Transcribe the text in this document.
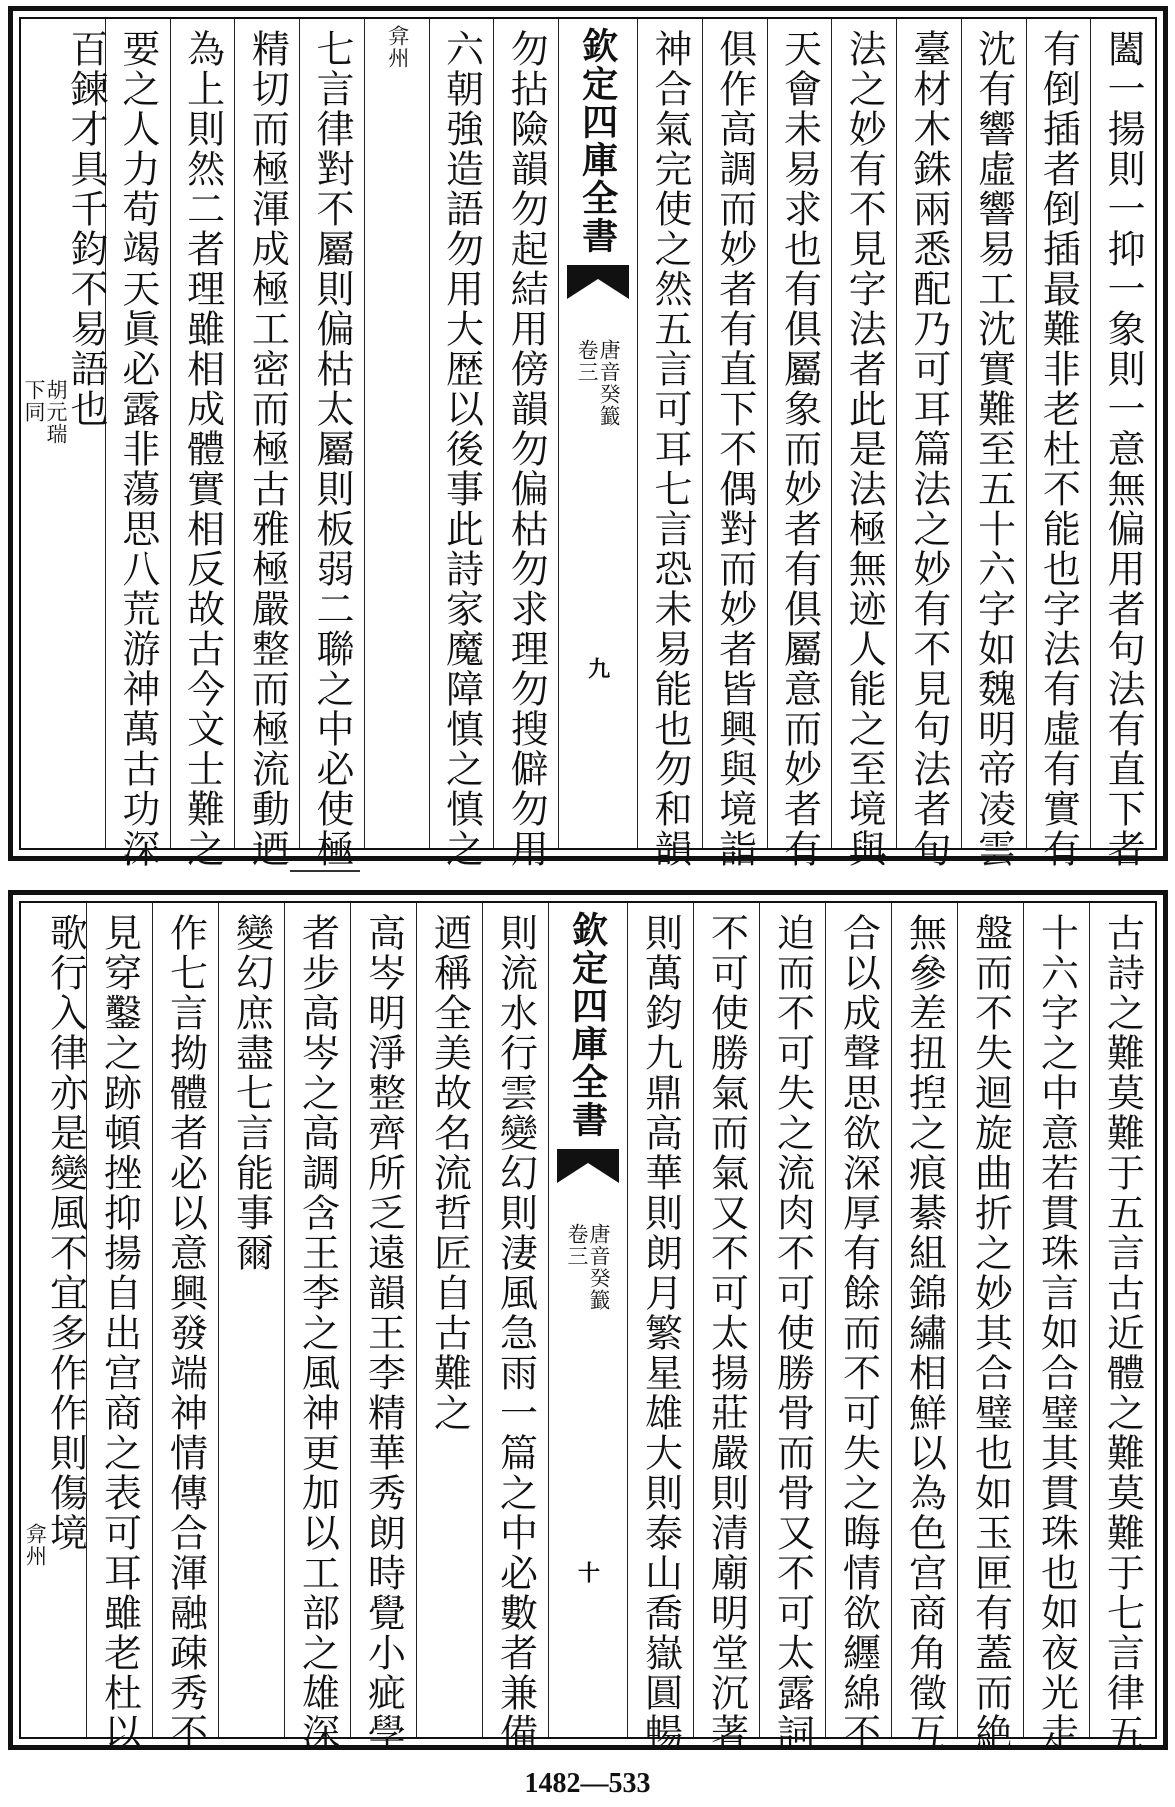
闔一揚則一抑一象則一意無偏用者句法有直下者
有倒插者倒插最難非老杜不能也字法有虛有實有
沈有響虛響易工沈實難至五十六字如魏明帝凌雲
臺材木銖兩悉配乃可耳篇法之妙有不見句法者句
法之妙有不見字法者此是法極無迹人能之至境與
天會未易求也有俱屬象而妙者有俱屬意而妙者有
俱作高調而妙者有直下不偶對而妙者皆興與境詣
神合氣完使之然五言可耳七言恐未易能也勿和韻
欽定四庫全書
唐音癸籖
卷三
九
勿拈險韻勿起結用傍韻勿偏枯勿求理勿搜僻勿用
六朝強造語勿用大歴以後事此詩家魔障慎之慎之
弇州
七言律對不屬則偏枯太屬則板弱二聯之中必使極
精切而極渾成極工密而極古雅極嚴整而極流動迺
為上則然二者理雖相成體實相反故古今文士難之
要之人力苟竭天眞必露非蕩思八荒游神萬古功深
百鍊才具千鈞不易語也
胡元瑞
下同
古詩之難莫難于五言古近體之難莫難于七言律五
十六字之中意若貫珠言如合璧其貫珠也如夜光走
盤而不失迴旋曲折之妙其合璧也如玉匣有蓋而絶
無參差扭揑之痕綦組錦繡相鮮以為色宫商角徵互
合以成聲思欲深厚有餘而不可失之晦情欲纒綿不
迫而不可失之流肉不可使勝骨而骨又不可太露詞
不可使勝氣而氣又不可太揚莊嚴則清廟明堂沉著
則萬鈞九鼎高華則朗月繁星雄大則泰山喬嶽圓暢
欽定四庫全書
唐音癸籖
卷三
十
則流水行雲變幻則淒風急雨一篇之中必數者兼備
迺稱全美故名流哲匠自古難之
高岑明淨整齊所乏遠韻王李精華秀朗時覺小疵學
者步高岑之高調含王李之風神更加以工部之雄深
變幻庶盡七言能事爾
作七言拗體者必以意興發端神情傳合渾融疎秀不
見穿鑿之跡頓挫抑揚自出宫商之表可耳雖老杜以
歌行入律亦是變風不宜多作作則傷境
弇州
1482—533
